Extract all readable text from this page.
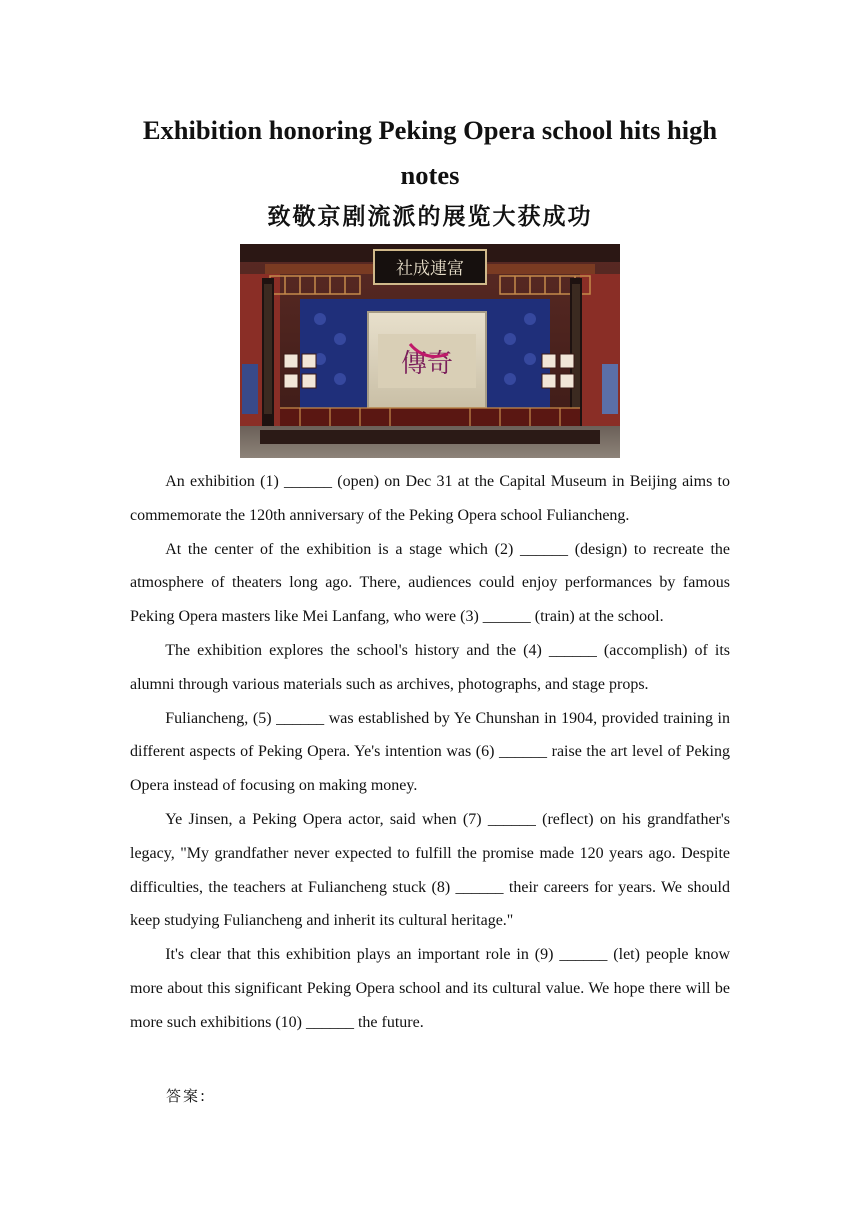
Exhibition honoring Peking Opera school hits high notes
致敬京剧流派的展览大获成功
社成連富
傳奇

An exhibition (1) ______ (open) on Dec 31 at the Capital Museum in Beijing aims to commemorate the 120th anniversary of the Peking Opera school Fuliancheng.

At the center of the exhibition is a stage which (2) ______ (design) to recreate the atmosphere of theaters long ago. There, audiences could enjoy performances by famous Peking Opera masters like Mei Lanfang, who were (3) ______ (train) at the school.

The exhibition explores the school's history and the (4) ______ (accomplish) of its alumni through various materials such as archives, photographs, and stage props.

Fuliancheng, (5) ______ was established by Ye Chunshan in 1904, provided training in different aspects of Peking Opera. Ye's intention was (6) ______ raise the art level of Peking Opera instead of focusing on making money.

Ye Jinsen, a Peking Opera actor, said when (7) ______ (reflect) on his grandfather's legacy, "My grandfather never expected to fulfill the promise made 120 years ago. Despite difficulties, the teachers at Fuliancheng stuck (8) ______ their careers for years. We should keep studying Fuliancheng and inherit its cultural heritage."

It's clear that this exhibition plays an important role in (9) ______ (let) people know more about this significant Peking Opera school and its cultural value. We hope there will be more such exhibitions (10) ______ the future.

答案:
